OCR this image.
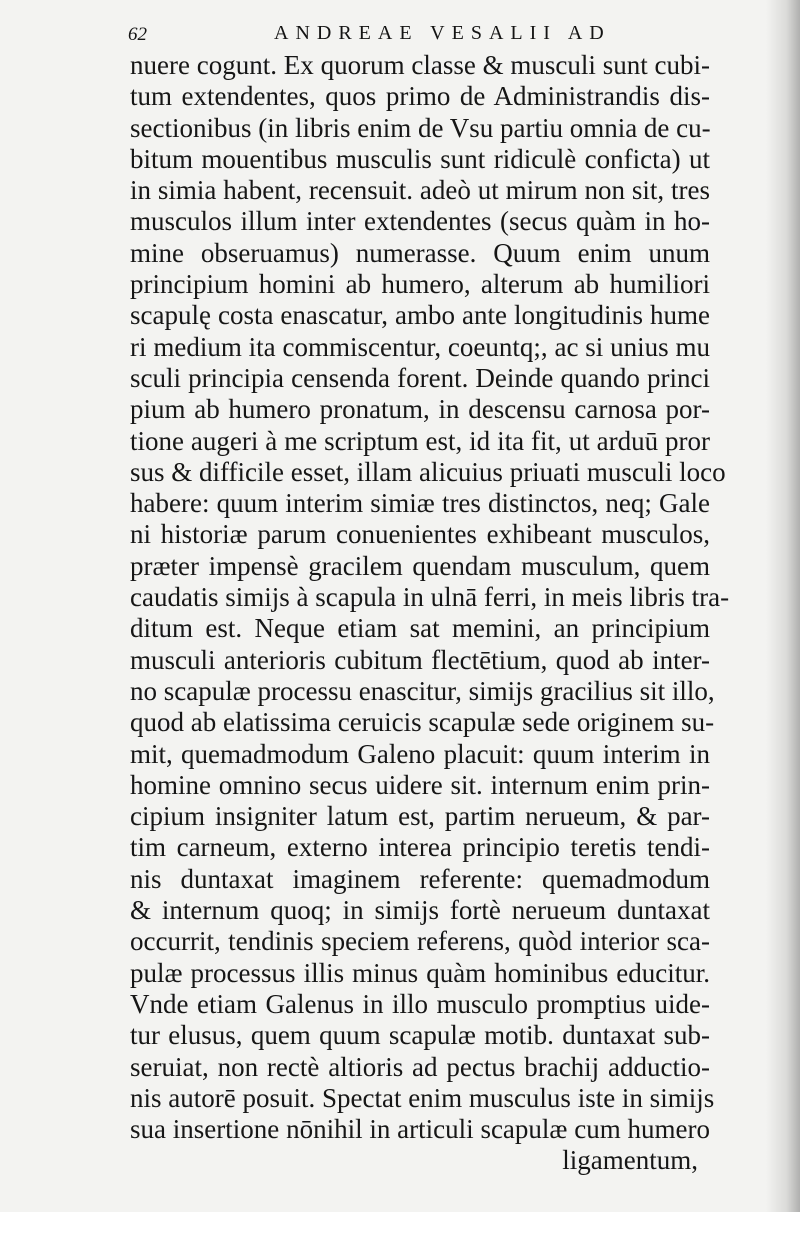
62	ANDREAE VESALII AD
nuere cogunt. Ex quorum classe & musculi sunt cubi-
tum extendentes, quos primo de Administrandis dis-
sectionibus (in libris enim de Vsu partiu omnia de cu-
bitum mouentibus musculis sunt ridiculè conficta) ut
in simia habent, recensuit. adeò ut mirum non sit, tres
musculos illum inter extendentes (secus quàm in ho-
mine obseruamus) numerasse. Quum enim unum
principium homini ab humero, alterum ab humiliori
scapulę costa enascatur, ambo ante longitudinis hume
ri medium ita commiscentur, coeuntq;, ac si unius mu
sculi principia censenda forent. Deinde quando princi
pium ab humero pronatum, in descensu carnosa por-
tione augeri à me scriptum est, id ita fit, ut arduū pror
sus & difficile esset, illam alicuius priuati musculi loco
habere: quum interim simiæ tres distinctos, neq; Gale
ni historiæ parum conuenientes exhibeant musculos,
præter impensè gracilem quendam musculum, quem
caudatis simijs à scapula in ulnā ferri, in meis libris tra-
ditum est. Neque etiam sat memini, an principium
musculi anterioris cubitum flectētium, quod ab inter-
no scapulæ processu enascitur, simijs gracilius sit illo,
quod ab elatissima ceruicis scapulæ sede originem su-
mit, quemadmodum Galeno placuit: quum interim in
homine omnino secus uidere sit. internum enim prin-
cipium insigniter latum est, partim nerueum, & par-
tim carneum, externo interea principio teretis tendi-
nis duntaxat imaginem referente: quemadmodum
& internum quoq; in simijs fortè nerueum duntaxat
occurrit, tendinis speciem referens, quòd interior sca-
pulæ processus illis minus quàm hominibus educitur.
Vnde etiam Galenus in illo musculo promptius uide-
tur elusus, quem quum scapulæ motib. duntaxat sub-
seruiat, non rectè altioris ad pectus brachij adductio-
nis autorē posuit. Spectat enim musculus iste in simijs
sua insertione nōnihil in articuli scapulæ cum humero
ligamentum,
